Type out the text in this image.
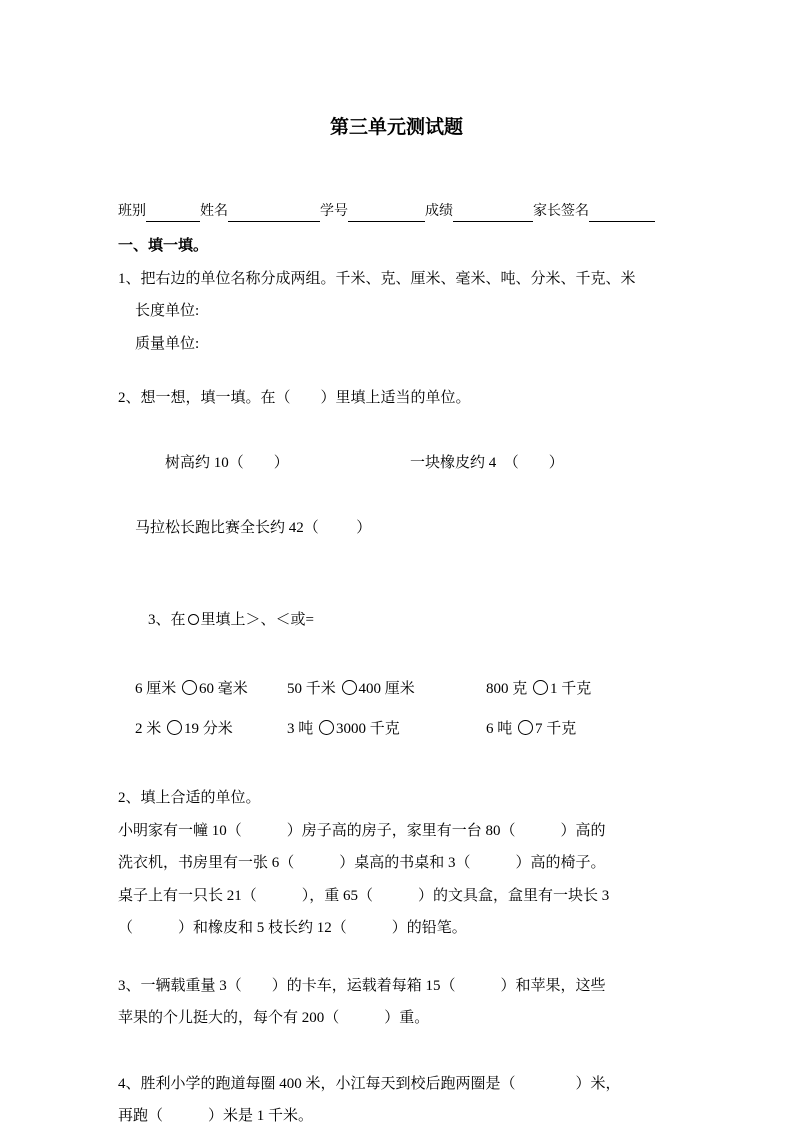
第三单元测试题
班别	姓名	学号	成绩	家长签名
一、填一填。
1、把右边的单位名称分成两组。千米、克、厘米、毫米、吨、分米、千克、米
长度单位:
质量单位:
2、想一想，填一填。在（        ）里填上适当的单位。

树高约 10（        ）	一块橡皮约 4  （        ）

马拉松长跑比赛全长约 42（          ）

3、在 里填上＞、＜或=

6 厘米 60 毫米	50 千米 400 厘米	800 克 1 千克
2 米 19 分米	3 吨 3000 千克	6 吨 7 千克
2、填上合适的单位。
小明家有一幢 10（            ）房子高的房子，家里有一台 80（            ）高的
洗衣机，书房里有一张 6（            ）桌高的书桌和 3（            ）高的椅子。
桌子上有一只长 21（            ），重 65（            ）的文具盒，盒里有一块长 3
（            ）和橡皮和 5 枝长约 12（            ）的铅笔。
3、一辆载重量 3（        ）的卡车，运载着每箱 15（            ）和苹果，这些
苹果的个儿挺大的，每个有 200（            ）重。
4、胜利小学的跑道每圈 400 米，小江每天到校后跑两圈是（                ）米，
再跑（            ）米是 1 千米。
